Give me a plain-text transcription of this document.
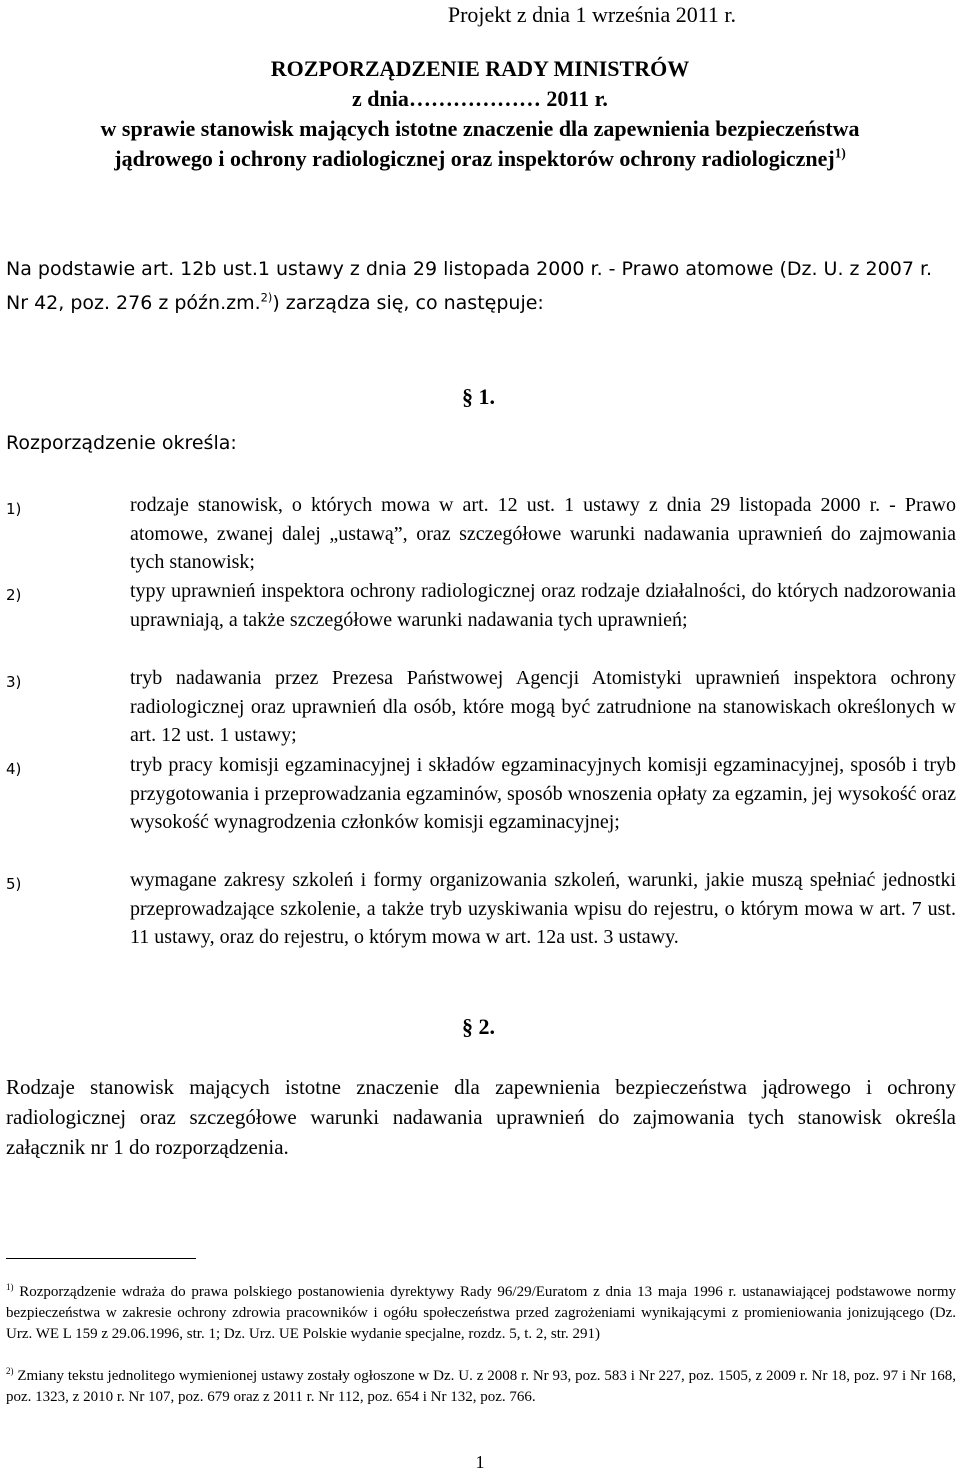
Projekt z dnia 1 września 2011 r.
ROZPORZĄDZENIE RADY MINISTRÓW
z dnia……………… 2011 r.
w sprawie stanowisk mających istotne znaczenie dla zapewnienia bezpieczeństwa
jądrowego i ochrony radiologicznej oraz inspektorów ochrony radiologicznej$^{1)}$
Na podstawie art. 12b ust.1 ustawy z dnia 29 listopada 2000 r. - Prawo atomowe (Dz. U. z 2007 r. Nr 42, poz. 276 z późn.zm.$^{2)}$) zarządza się, co następuje:
§ 1.
Rozporządzenie określa:
1)	rodzaje stanowisk, o których mowa w art. 12 ust. 1 ustawy z dnia 29 listopada 2000 r. - Prawo atomowe, zwanej dalej „ustawą”, oraz szczegółowe warunki nadawania uprawnień do zajmowania tych stanowisk;
2)	typy uprawnień inspektora ochrony radiologicznej oraz rodzaje działalności, do których nadzorowania uprawniają, a także szczegółowe warunki nadawania tych uprawnień;
3)	tryb nadawania przez Prezesa Państwowej Agencji Atomistyki uprawnień inspektora ochrony radiologicznej oraz uprawnień dla osób, które mogą być zatrudnione na stanowiskach określonych w art. 12 ust. 1 ustawy;
4)	tryb pracy komisji egzaminacyjnej i składów egzaminacyjnych komisji egzaminacyjnej, sposób i tryb przygotowania i przeprowadzania egzaminów, sposób wnoszenia opłaty za egzamin, jej wysokość oraz wysokość wynagrodzenia członków komisji egzaminacyjnej;
5)	wymagane zakresy szkoleń i formy organizowania szkoleń, warunki, jakie muszą spełniać jednostki przeprowadzające szkolenie, a także tryb uzyskiwania wpisu do rejestru, o którym mowa w art. 7 ust. 11 ustawy, oraz do rejestru, o którym mowa w art. 12a ust. 3 ustawy.
§ 2.
Rodzaje stanowisk mających istotne znaczenie dla zapewnienia bezpieczeństwa jądrowego i ochrony radiologicznej oraz szczegółowe warunki nadawania uprawnień do zajmowania tych stanowisk określa załącznik nr 1 do rozporządzenia.
$^{1)}$ Rozporządzenie wdraża do prawa polskiego postanowienia dyrektywy Rady 96/29/Euratom z dnia 13 maja 1996 r. ustanawiającej podstawowe normy bezpieczeństwa w zakresie ochrony zdrowia pracowników i ogółu społeczeństwa przed zagrożeniami wynikającymi z promieniowania jonizującego (Dz. Urz. WE L 159 z 29.06.1996, str. 1; Dz. Urz. UE Polskie wydanie specjalne, rozdz. 5, t. 2, str. 291)
$^{2)}$ Zmiany tekstu jednolitego wymienionej ustawy zostały ogłoszone w Dz. U. z 2008 r. Nr 93, poz. 583 i Nr 227, poz. 1505, z 2009 r. Nr 18, poz. 97 i Nr 168, poz. 1323, z 2010 r. Nr 107, poz. 679 oraz z 2011 r. Nr 112, poz. 654 i Nr 132, poz. 766.
1
